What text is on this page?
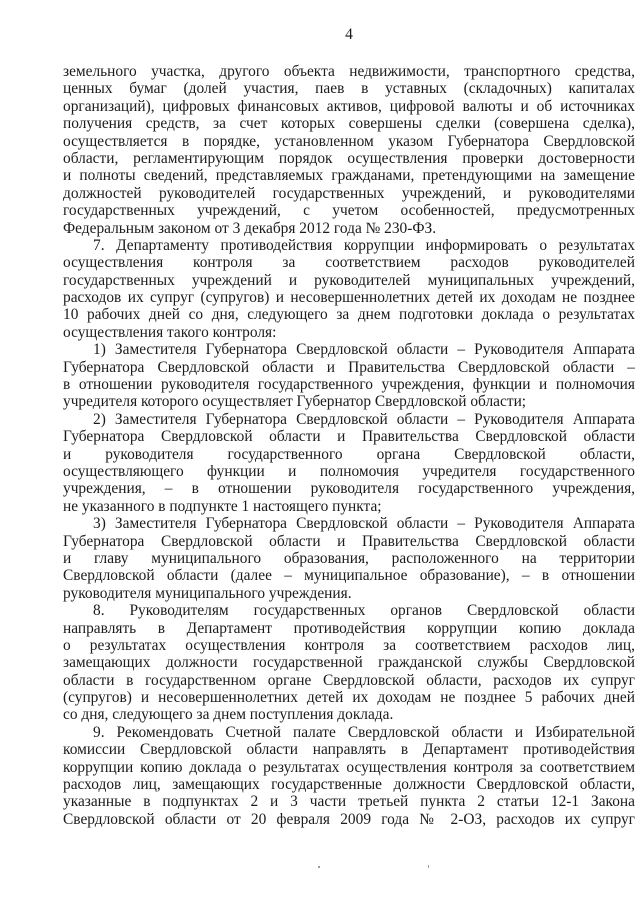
4
земельного участка, другого объекта недвижимости, транспортного средства,
ценных бумаг (долей участия, паев в уставных (складочных) капиталах
организаций), цифровых финансовых активов, цифровой валюты и об источниках
получения средств, за счет которых совершены сделки (совершена сделка),
осуществляется в порядке, установленном указом Губернатора Свердловской
области, регламентирующим порядок осуществления проверки достоверности
и полноты сведений, представляемых гражданами, претендующими на замещение
должностей руководителей государственных учреждений, и руководителями
государственных учреждений, с учетом особенностей, предусмотренных
Федеральным законом от 3 декабря 2012 года № 230-ФЗ.
7. Департаменту противодействия коррупции информировать о результатах
осуществления контроля за соответствием расходов руководителей
государственных учреждений и руководителей муниципальных учреждений,
расходов их супруг (супругов) и несовершеннолетних детей их доходам не позднее
10 рабочих дней со дня, следующего за днем подготовки доклада о результатах
осуществления такого контроля:
1) Заместителя Губернатора Свердловской области – Руководителя Аппарата
Губернатора Свердловской области и Правительства Свердловской области –
в отношении руководителя государственного учреждения, функции и полномочия
учредителя которого осуществляет Губернатор Свердловской области;
2) Заместителя Губернатора Свердловской области – Руководителя Аппарата
Губернатора Свердловской области и Правительства Свердловской области
и руководителя государственного органа Свердловской области,
осуществляющего функции и полномочия учредителя государственного
учреждения, – в отношении руководителя государственного учреждения,
не указанного в подпункте 1 настоящего пункта;
3) Заместителя Губернатора Свердловской области – Руководителя Аппарата
Губернатора Свердловской области и Правительства Свердловской области
и главу муниципального образования, расположенного на территории
Свердловской области (далее – муниципальное образование), – в отношении
руководителя муниципального учреждения.
8. Руководителям государственных органов Свердловской области
направлять в Департамент противодействия коррупции копию доклада
о результатах осуществления контроля за соответствием расходов лиц,
замещающих должности государственной гражданской службы Свердловской
области в государственном органе Свердловской области, расходов их супруг
(супругов) и несовершеннолетних детей их доходам не позднее 5 рабочих дней
со дня, следующего за днем поступления доклада.
9. Рекомендовать Счетной палате Свердловской области и Избирательной
комиссии Свердловской области направлять в Департамент противодействия
коррупции копию доклада о результатах осуществления контроля за соответствием
расходов лиц, замещающих государственные должности Свердловской области,
указанные в подпунктах 2 и 3 части третьей пункта 2 статьи 12-1 Закона
Свердловской области от 20 февраля 2009 года № 2-ОЗ, расходов их супруг
